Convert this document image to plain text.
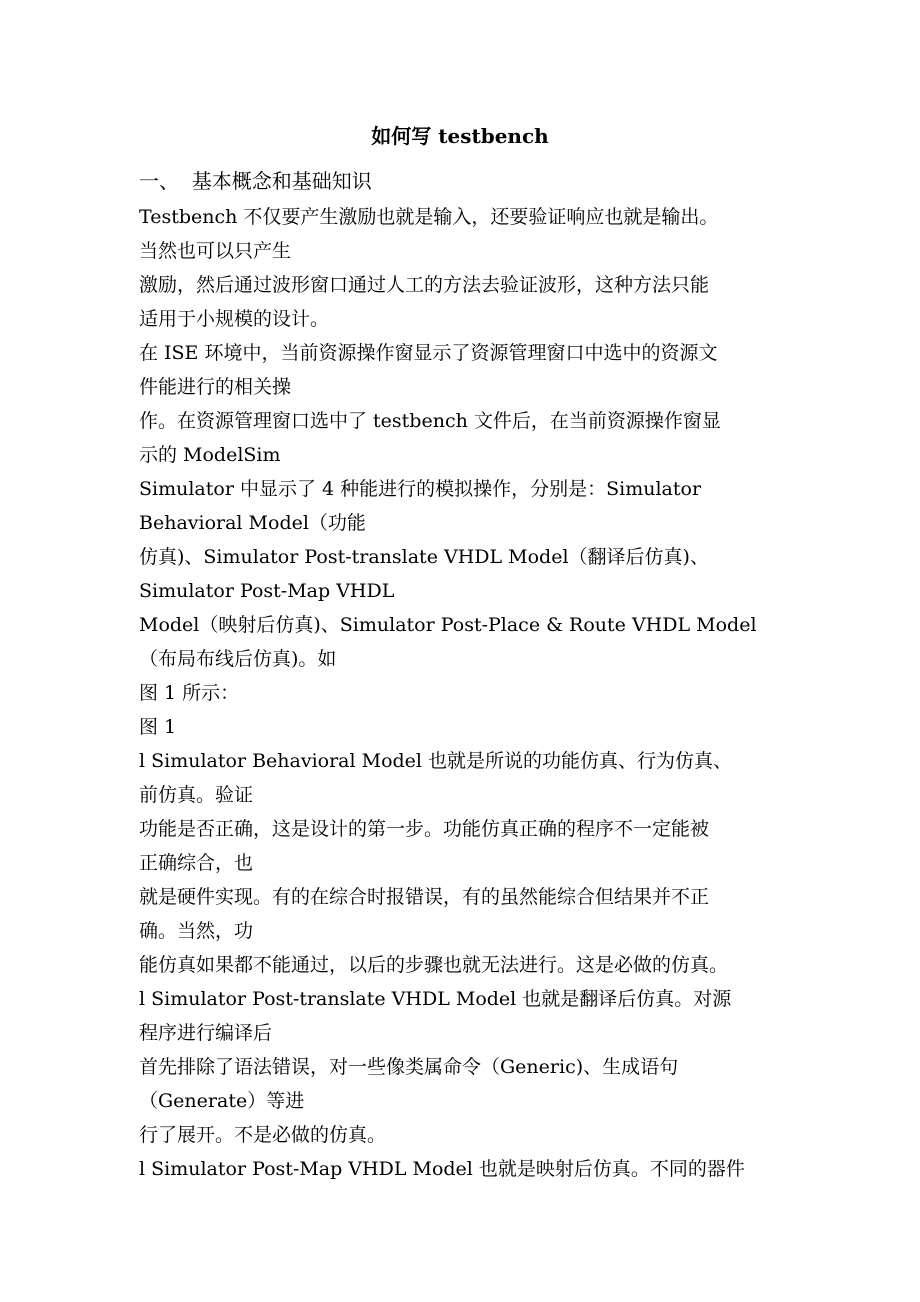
如何写 testbench
一、  基本概念和基础知识
Testbench 不仅要产生激励也就是输入，还要验证响应也就是输出。
当然也可以只产生
激励，然后通过波形窗口通过人工的方法去验证波形，这种方法只能
适用于小规模的设计。
在 ISE 环境中，当前资源操作窗显示了资源管理窗口中选中的资源文
件能进行的相关操
作。在资源管理窗口选中了 testbench 文件后，在当前资源操作窗显
示的 ModelSim
Simulator 中显示了 4 种能进行的模拟操作，分别是：Simulator
Behavioral Model（功能
仿真)、Simulator Post-translate VHDL Model（翻译后仿真)、
Simulator Post-Map VHDL
Model（映射后仿真)、Simulator Post-Place & Route VHDL Model
（布局布线后仿真)。如
图 1 所示：
图 1
l Simulator Behavioral Model 也就是所说的功能仿真、行为仿真、
前仿真。验证
功能是否正确，这是设计的第一步。功能仿真正确的程序不一定能被
正确综合，也
就是硬件实现。有的在综合时报错误，有的虽然能综合但结果并不正
确。当然，功
能仿真如果都不能通过，以后的步骤也就无法进行。这是必做的仿真。
l Simulator Post-translate VHDL Model 也就是翻译后仿真。对源
程序进行编译后
首先排除了语法错误，对一些像类属命令（Generic)、生成语句
（Generate）等进
行了展开。不是必做的仿真。
l Simulator Post-Map VHDL Model 也就是映射后仿真。不同的器件
